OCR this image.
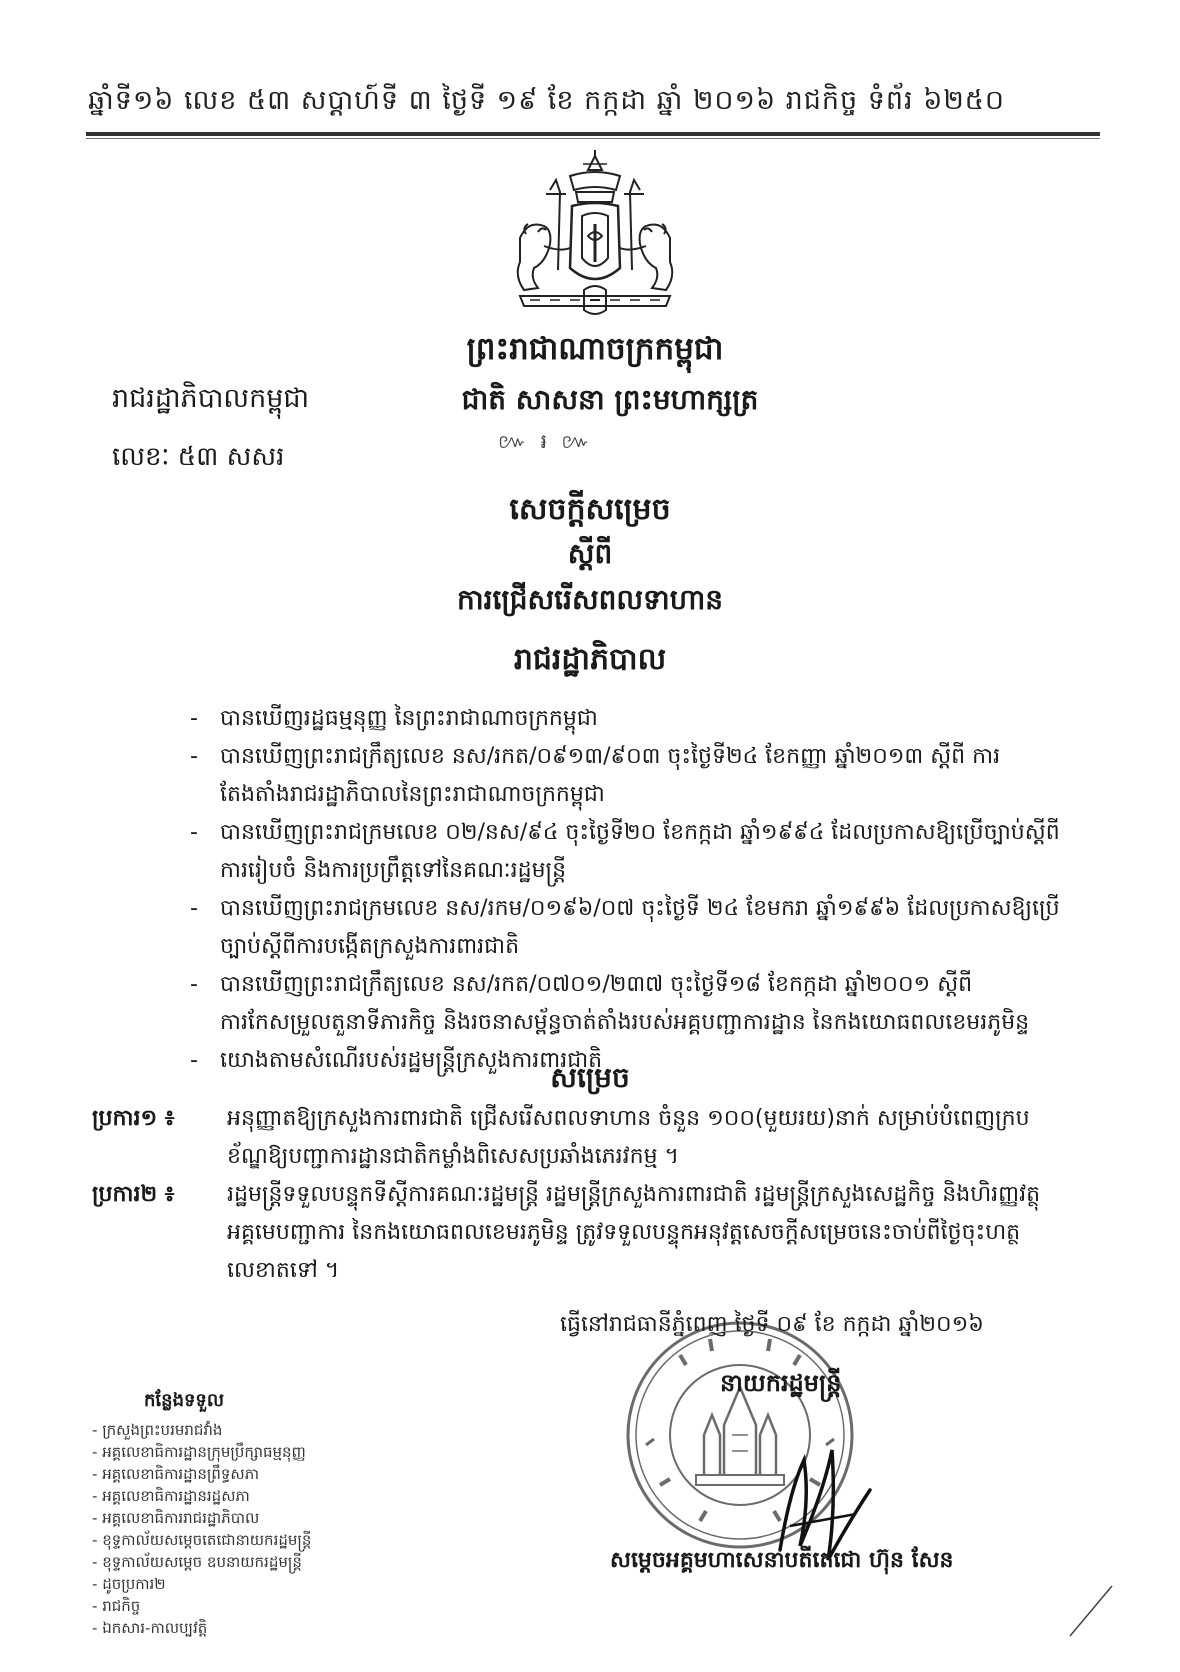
ឆ្នាំទី១៦ លេខ ៥៣ សប្តាហ៍ទី ៣ ថ្ងៃទី ១៩ ខែ កក្កដា ឆ្នាំ ២០១៦ រាជកិច្ច ទំព័រ ៦២៥០
ព្រះរាជាណាចក្រកម្ពុជា
រាជរដ្ឋាភិបាលកម្ពុជា	ជាតិ សាសនា ព្រះមហាក្សត្រ
៚ ៛ ៚
លេខៈ ៥៣ សសរ
សេចក្តីសម្រេច
ស្តីពី
ការជ្រើសរើសពលទាហាន
រាជរដ្ឋាភិបាល
- បានឃើញរដ្ឋធម្មនុញ្ញ នៃព្រះរាជាណាចក្រកម្ពុជា
- បានឃើញព្រះរាជក្រឹត្យលេខ នស/រកត/០៩១៣/៩០៣ ចុះថ្ងៃទី២៤ ខែកញ្ញា ឆ្នាំ២០១៣ ស្តីពី ការតែងតាំងរាជរដ្ឋាភិបាលនៃព្រះរាជាណាចក្រកម្ពុជា
- បានឃើញព្រះរាជក្រមលេខ ០២/នស/៩៤ ចុះថ្ងៃទី២០ ខែកក្កដា ឆ្នាំ១៩៩៤ ដែលប្រកាសឱ្យប្រើច្បាប់ស្តីពីការរៀបចំ និងការប្រព្រឹត្តទៅនៃគណៈរដ្ឋមន្ត្រី
- បានឃើញព្រះរាជក្រមលេខ នស/រកម/០១៩៦/០៧ ចុះថ្ងៃទី ២៤ ខែមករា ឆ្នាំ១៩៩៦ ដែលប្រកាសឱ្យប្រើច្បាប់ស្តីពីការបង្កើតក្រសួងការពារជាតិ
- បានឃើញព្រះរាជក្រឹត្យលេខ នស/រកត/០៧០១/២៣៧ ចុះថ្ងៃទី១៨ ខែកក្កដា ឆ្នាំ២០០១ ស្តីពី ការកែសម្រួលតួនាទីភារកិច្ច និងរចនាសម្ព័ន្ធចាត់តាំងរបស់អគ្គបញ្ជាការដ្ឋាន នៃកងយោធពលខេមរភូមិន្ទ
- យោងតាមសំណើរបស់រដ្ឋមន្ត្រីក្រសួងការពារជាតិ
សម្រេច
ប្រការ១ ៖	អនុញ្ញាតឱ្យក្រសួងការពារជាតិ ជ្រើសរើសពលទាហាន ចំនួន ១០០(មួយរយ)នាក់ សម្រាប់បំពេញក្របខ័ណ្ឌឱ្យបញ្ជាការដ្ឋានជាតិកម្លាំងពិសេសប្រឆាំងភេរវកម្ម ។
ប្រការ២ ៖	រដ្ឋមន្ត្រីទទួលបន្ទុកទីស្តីការគណៈរដ្ឋមន្ត្រី រដ្ឋមន្ត្រីក្រសួងការពារជាតិ រដ្ឋមន្ត្រីក្រសួងសេដ្ឋកិច្ច និងហិរញ្ញវត្ថុ អគ្គមេបញ្ជាការ នៃកងយោធពលខេមរភូមិន្ទ ត្រូវទទួលបន្ទុកអនុវត្តសេចក្តីសម្រេចនេះចាប់ពីថ្ងៃចុះហត្ថលេខាតទៅ ។
ធ្វើនៅរាជធានីភ្នំពេញ ថ្ងៃទី ០៩ ខែ កក្កដា ឆ្នាំ២០១៦
នាយករដ្ឋមន្ត្រី
សម្តេចអគ្គមហាសេនាបតីតេជោ ហ៊ុន សែន
កន្លែងទទួល
- ក្រសួងព្រះបរមរាជវាំង
- អគ្គលេខាធិការដ្ឋានក្រុមប្រឹក្សាធម្មនុញ្ញ
- អគ្គលេខាធិការដ្ឋានព្រឹទ្ធសភា
- អគ្គលេខាធិការដ្ឋានរដ្ឋសភា
- អគ្គលេខាធិការរាជរដ្ឋាភិបាល
- ខុទ្ទកាល័យសម្តេចតេជោនាយករដ្ឋមន្ត្រី
- ខុទ្ទកាល័យសម្តេច ឧបនាយករដ្ឋមន្ត្រី
- ដូចប្រការ២
- រាជកិច្ច
- ឯកសារ-កាលប្បវត្តិ
